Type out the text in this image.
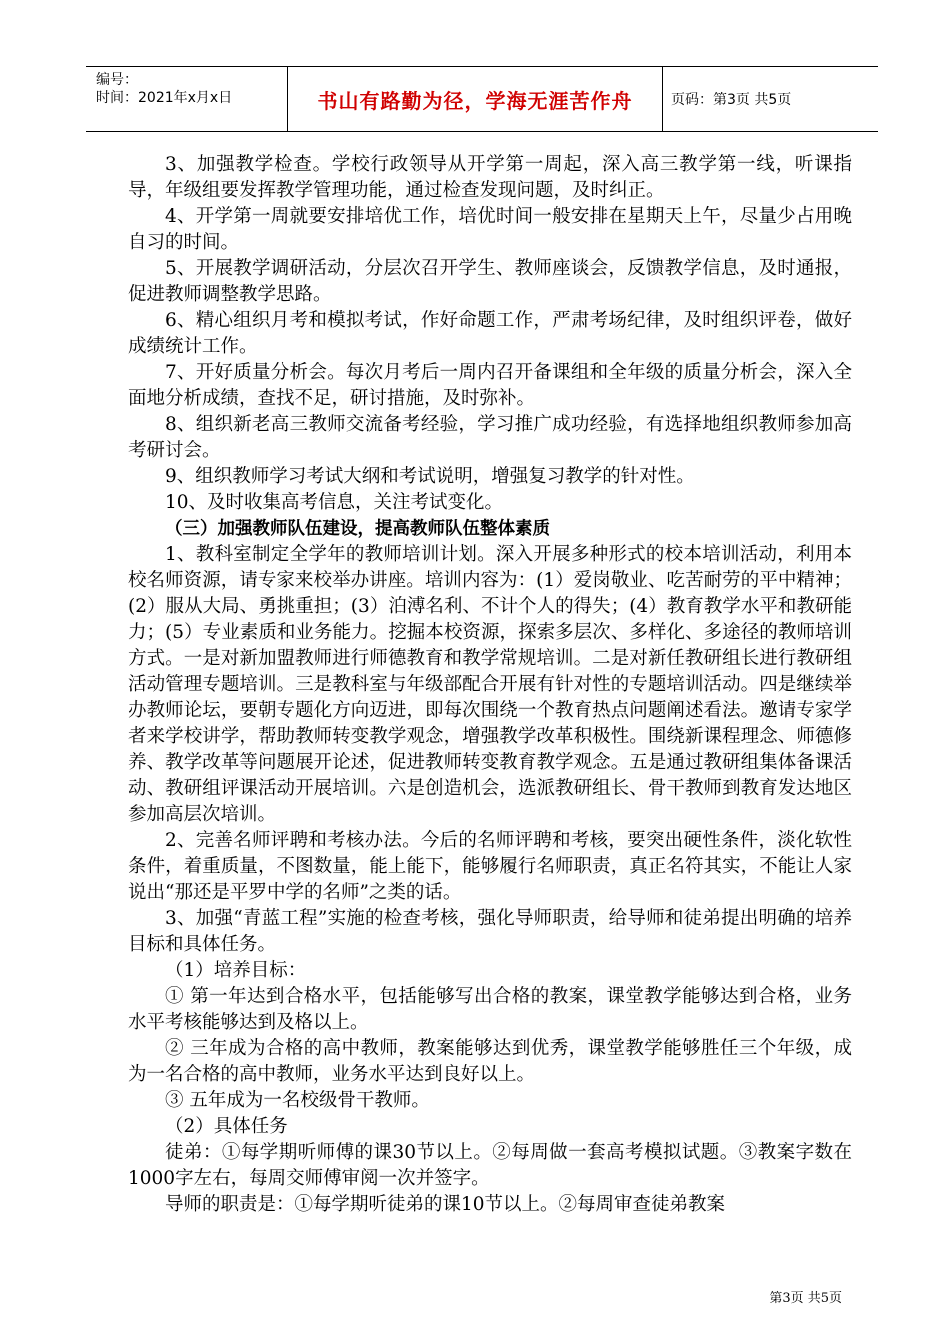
编号：
时间：2021年x月x日	书山有路勤为径，学海无涯苦作舟	页码：第3页 共5页

3、加强教学检查。学校行政领导从开学第一周起，深入高三教学第一线，听课指导，年级组要发挥教学管理功能，通过检查发现问题，及时纠正。

4、开学第一周就要安排培优工作，培优时间一般安排在星期天上午，尽量少占用晚自习的时间。

5、开展教学调研活动，分层次召开学生、教师座谈会，反馈教学信息，及时通报，促进教师调整教学思路。

6、精心组织月考和模拟考试，作好命题工作，严肃考场纪律，及时组织评卷，做好成绩统计工作。

7、开好质量分析会。每次月考后一周内召开备课组和全年级的质量分析会，深入全面地分析成绩，查找不足，研讨措施，及时弥补。

8、组织新老高三教师交流备考经验，学习推广成功经验，有选择地组织教师参加高考研讨会。

9、组织教师学习考试大纲和考试说明，增强复习教学的针对性。

10、及时收集高考信息，关注考试变化。

（三）加强教师队伍建设，提高教师队伍整体素质

1、教科室制定全学年的教师培训计划。深入开展多种形式的校本培训活动，利用本校名师资源，请专家来校举办讲座。培训内容为：(1）爱岗敬业、吃苦耐劳的平中精神；(2）服从大局、勇挑重担；(3）泊溥名利、不计个人的得失；(4）教育教学水平和教研能力；(5）专业素质和业务能力。挖掘本校资源，探索多层次、多样化、多途径的教师培训方式。一是对新加盟教师进行师德教育和教学常规培训。二是对新任教研组长进行教研组活动管理专题培训。三是教科室与年级部配合开展有针对性的专题培训活动。四是继续举办教师论坛，要朝专题化方向迈进，即每次围绕一个教育热点问题阐述看法。邀请专家学者来学校讲学，帮助教师转变教学观念，增强教学改革积极性。围绕新课程理念、师德修养、教学改革等问题展开论述，促进教师转变教育教学观念。五是通过教研组集体备课活动、教研组评课活动开展培训。六是创造机会，选派教研组长、骨干教师到教育发达地区参加高层次培训。

2、完善名师评聘和考核办法。今后的名师评聘和考核，要突出硬性条件，淡化软性条件，着重质量，不图数量，能上能下，能够履行名师职责，真正名符其实，不能让人家说出“那还是平罗中学的名师”之类的话。

3、加强“青蓝工程”实施的检查考核，强化导师职责，给导师和徒弟提出明确的培养目标和具体任务。

（1）培养目标：

① 第一年达到合格水平，包括能够写出合格的教案，课堂教学能够达到合格，业务水平考核能够达到及格以上。

② 三年成为合格的高中教师，教案能够达到优秀，课堂教学能够胜任三个年级，成为一名合格的高中教师，业务水平达到良好以上。

③ 五年成为一名校级骨干教师。

（2）具体任务

徒弟：①每学期听师傅的课30节以上。②每周做一套高考模拟试题。③教案字数在1000字左右，每周交师傅审阅一次并签字。

导师的职责是：①每学期听徒弟的课10节以上。②每周审查徒弟教案

第3页 共5页
